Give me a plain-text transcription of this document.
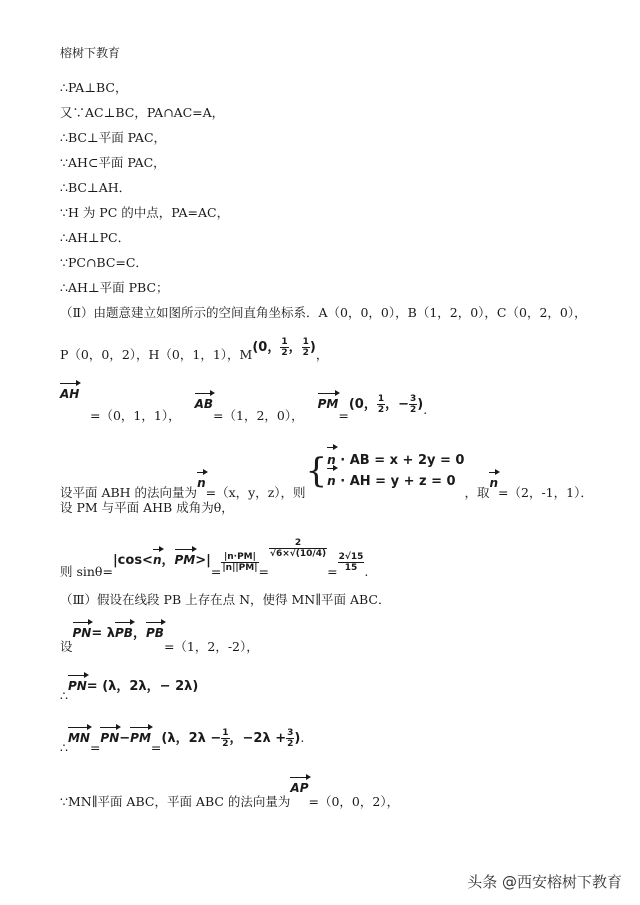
榕树下教育
∴PA⊥BC，
又∵AC⊥BC，PA∩AC=A，
∴BC⊥平面 PAC，
∵AH⊂平面 PAC，
∴BC⊥AH．
∵H 为 PC 的中点，PA=AC，
∴AH⊥PC．
∵PC∩BC=C．
∴AH⊥平面 PBC；
（Ⅱ）由题意建立如图所示的空间直角坐标系．A（0，0，0），B（1，2，0），C（0，2，0），
P（0，0，2），H（0，1，1），M(0， $\frac{1}{2}$ ， $\frac{1}{2}$ )，
AH
=（0，1，1），AB=（1，2，0），PM=(0， $\frac{1}{2}$ ，− $\frac{3}{2}$ ).
设平面 ABH 的法向量为n=（x，y，z），则{ n · AB = x + 2y = 0
n · AH = y + z = 0
，取n=（2，-1，1）．
设 PM 与平面 AHB 成角为θ，
则 sinθ=|cos<n，$PM>|= \frac{|n\cdot PM|}{|n||PM|}$ =
$\frac{2}{√6\times√(10/4)}$
= $\frac{2√15}{15}$ .
（Ⅲ）假设在线段 PB 上存在点 N，使得 MN∥平面 ABC．
设PN= λPB，PB=（1，2，-2），
∴PN= (λ，2λ，− 2λ)
∴MN=PN−PM=(λ，$2\lambda - \frac{1}{2}$ ，$-2\lambda + \frac{3}{2}$ ).
∵MN∥平面 ABC，平面 ABC 的法向量为AP=（0，0，2），
头条 @西安榕树下教育
